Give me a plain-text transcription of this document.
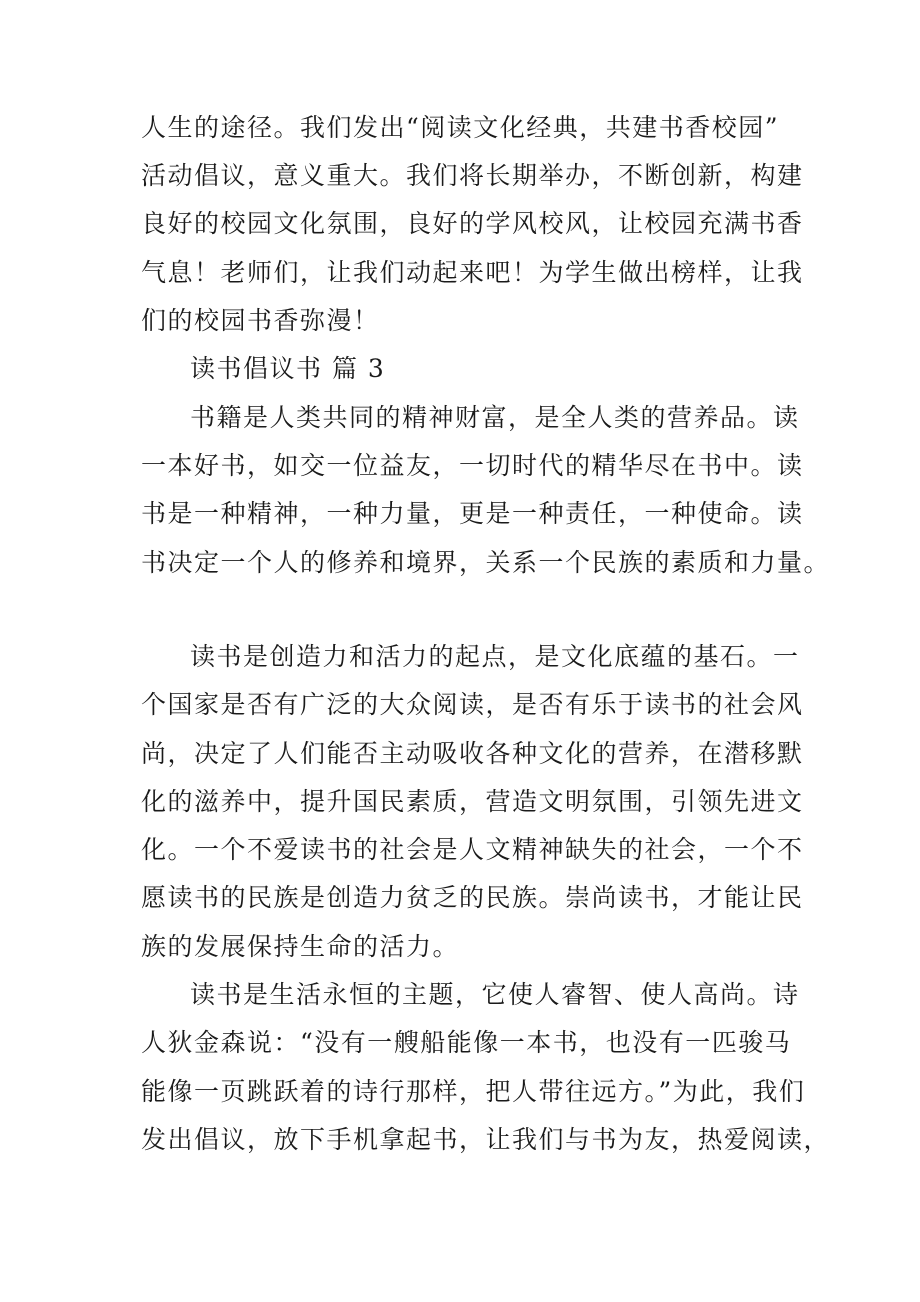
人生的途径。我们发出“阅读文化经典，共建书香校园”

活动倡议，意义重大。我们将长期举办，不断创新，构建

良好的校园文化氛围，良好的学风校风，让校园充满书香

气息！老师们，让我们动起来吧！为学生做出榜样，让我

们的校园书香弥漫！

读书倡议书 篇 3

书籍是人类共同的精神财富，是全人类的营养品。读

一本好书，如交一位益友，一切时代的精华尽在书中。读

书是一种精神，一种力量，更是一种责任，一种使命。读

书决定一个人的修养和境界，关系一个民族的素质和力量。

读书是创造力和活力的起点，是文化底蕴的基石。一

个国家是否有广泛的大众阅读，是否有乐于读书的社会风

尚，决定了人们能否主动吸收各种文化的营养，在潜移默

化的滋养中，提升国民素质，营造文明氛围，引领先进文

化。一个不爱读书的社会是人文精神缺失的社会，一个不

愿读书的民族是创造力贫乏的民族。崇尚读书，才能让民

族的发展保持生命的活力。

读书是生活永恒的主题，它使人睿智、使人高尚。诗

人狄金森说：“没有一艘船能像一本书，也没有一匹骏马

能像一页跳跃着的诗行那样，把人带往远方。”为此，我们

发出倡议，放下手机拿起书，让我们与书为友，热爱阅读，
